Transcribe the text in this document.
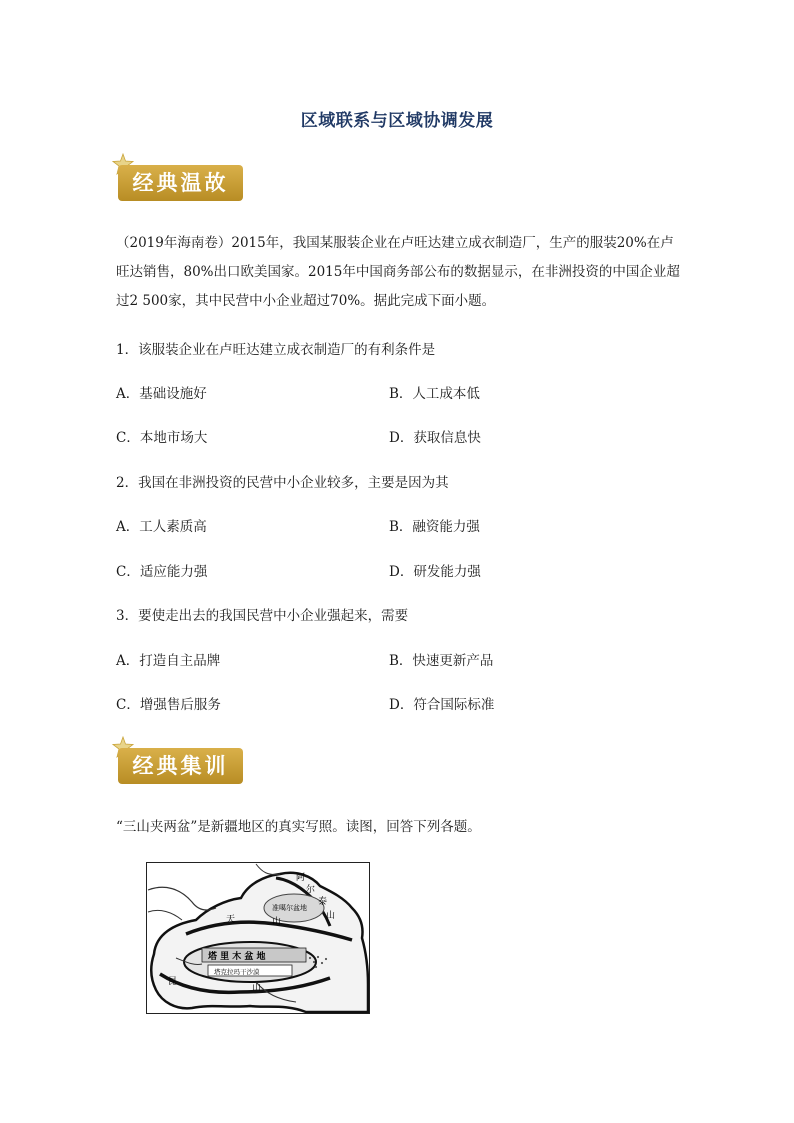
区域联系与区域协调发展
经典温故
（2019年海南卷）2015年，我国某服装企业在卢旺达建立成衣制造厂，生产的服装20%在卢旺达销售，80%出口欧美国家。2015年中国商务部公布的数据显示，在非洲投资的中国企业超过2 500家，其中民营中小企业超过70%。据此完成下面小题。
1．该服装企业在卢旺达建立成衣制造厂的有利条件是
A．基础设施好	B．人工成本低
C．本地市场大	D．获取信息快
2．我国在非洲投资的民营中小企业较多，主要是因为其
A．工人素质高	B．融资能力强
C．适应能力强	D．研发能力强
3．要使走出去的我国民营中小企业强起来，需要
A．打造自主品牌	B．快速更新产品
C．增强售后服务	D．符合国际标准
经典集训
“三山夹两盆”是新疆地区的真实写照。读图，回答下列各题。
阿
尔
泰
准噶尔盆地
山
天	山
塔 里 木 盆 地
塔克拉玛干沙漠
昆
山
